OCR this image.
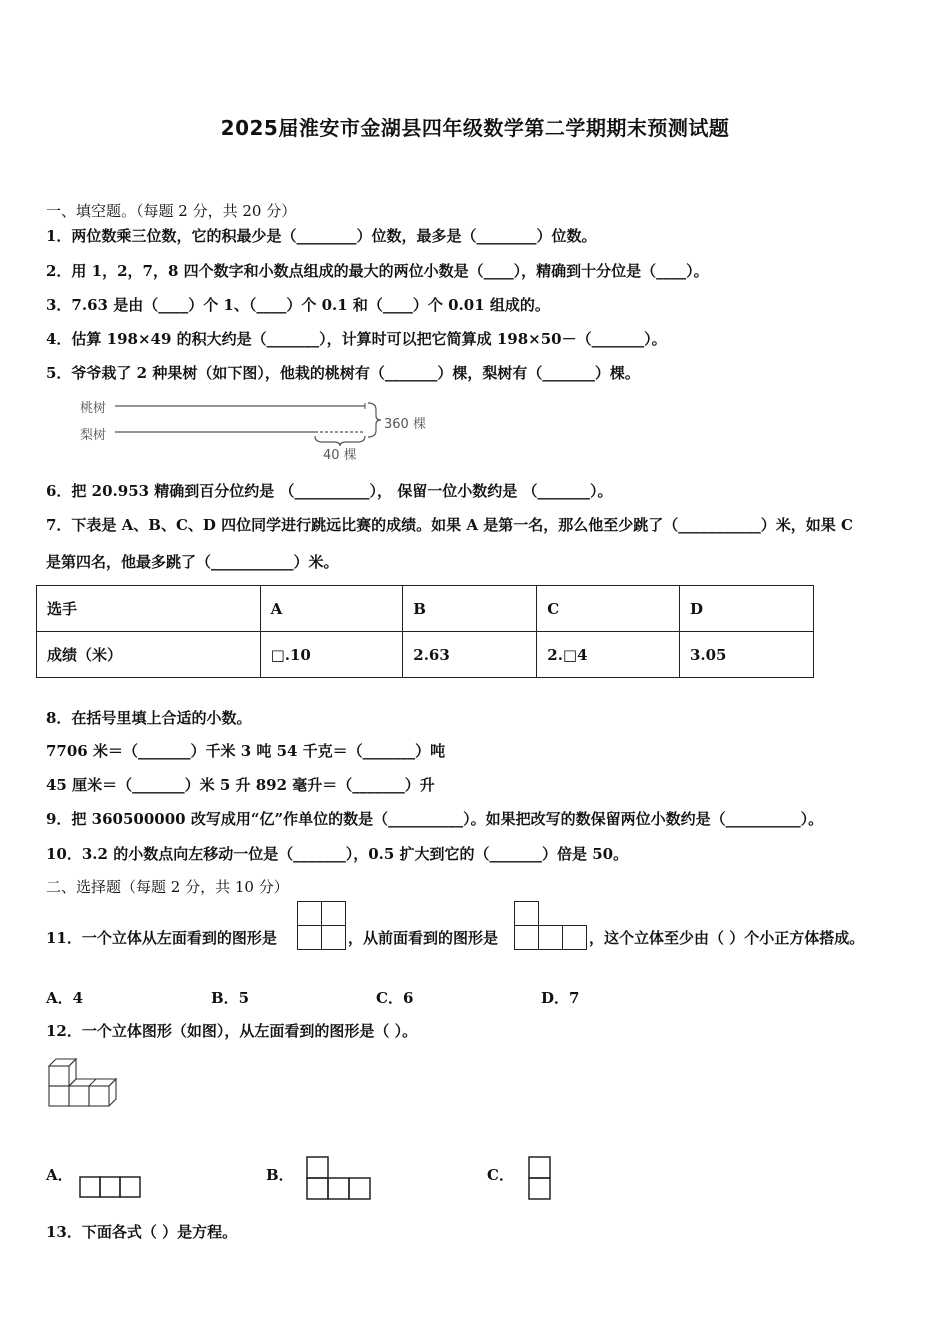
2025届淮安市金湖县四年级数学第二学期期末预测试题
一、填空题。（每题 2 分，共 20 分）
1．两位数乘三位数，它的积最少是（________）位数，最多是（________）位数。
2．用 1，2，7，8 四个数字和小数点组成的最大的两位小数是（____），精确到十分位是（____）。
3．7.63 是由（____）个 1、（____）个 0.1 和（____）个 0.01 组成的。
4．估算 198×49 的积大约是（_______），计算时可以把它简算成 198×50－（_______）。
5．爷爷栽了 2 种果树（如下图），他栽的桃树有（_______）棵，梨树有（_______）棵。
桃树
梨树
360 棵
40 棵
6．把 20.953 精确到百分位约是 （__________）， 保留一位小数约是 （_______）。
7．下表是 A、B、C、D 四位同学进行跳远比赛的成绩。如果 A 是第一名，那么他至少跳了（___________）米，如果 C
是第四名，他最多跳了（___________）米。
选手	A	B	C	D
成绩（米）	□.10	2.63	2.□4	3.05
8．在括号里填上合适的小数。
7706 米＝（_______）千米 3 吨 54 千克＝（_______）吨
45 厘米＝（_______）米 5 升 892 毫升＝（_______）升
9．把 360500000 改写成用“亿”作单位的数是（__________）。如果把改写的数保留两位小数约是（__________）。
10．3.2 的小数点向左移动一位是（_______），0.5 扩大到它的（_______）倍是 50。
二、选择题（每题 2 分，共 10 分）
11．一个立体从左面看到的图形是	，从前面看到的图形是	，这个立体至少由（ ）个小正方体搭成。
A．4	B．5	C．6	D．7
12．一个立体图形（如图），从左面看到的图形是（ ）。
A．	B．	C．
13．下面各式（ ）是方程。
